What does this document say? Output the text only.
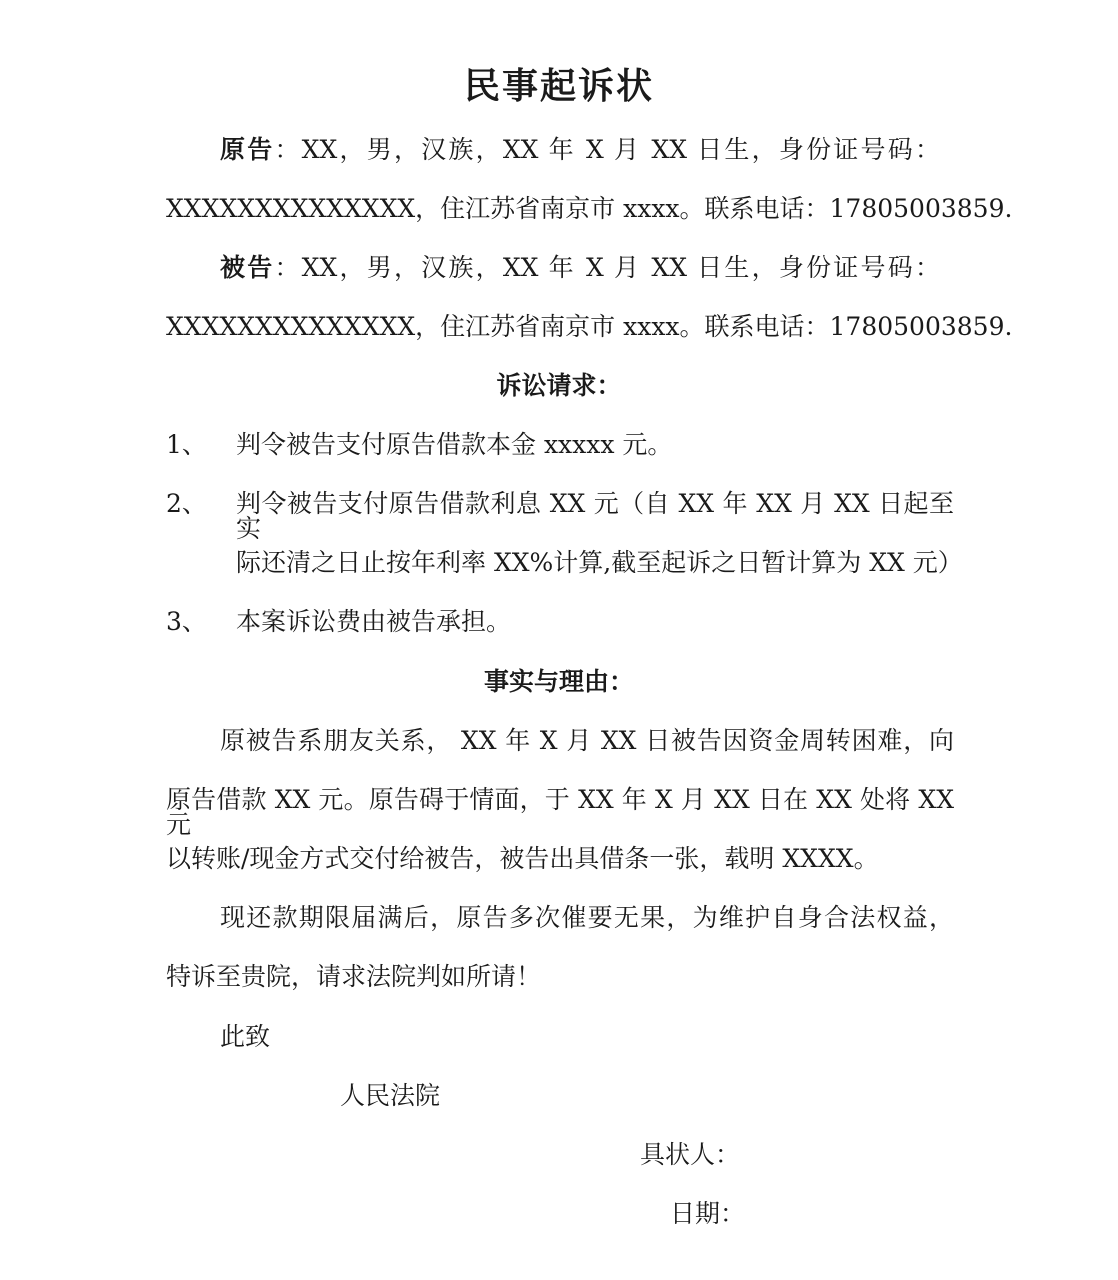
民事起诉状
原告：XX，男，汉族，XX 年 X 月 XX 日生，身份证号码：
XXXXXXXXXXXXXX，住江苏省南京市 xxxx。联系电话：17805003859.
被告：XX，男，汉族，XX 年 X 月 XX 日生，身份证号码：
XXXXXXXXXXXXXX，住江苏省南京市 xxxx。联系电话：17805003859.
诉讼请求：
1、 判令被告支付原告借款本金 xxxxx 元。
2、 判令被告支付原告借款利息 XX 元（自 XX 年 XX 月 XX 日起至实
际还清之日止按年利率 XX%计算,截至起诉之日暂计算为 XX 元）
3、 本案诉讼费由被告承担。
事实与理由：
原被告系朋友关系， XX 年 X 月 XX 日被告因资金周转困难，向
原告借款 XX 元。原告碍于情面，于 XX 年 X 月 XX 日在 XX 处将 XX 元
以转账/现金方式交付给被告，被告出具借条一张，载明 XXXX。
现还款期限届满后，原告多次催要无果，为维护自身合法权益，
特诉至贵院，请求法院判如所请！
此致
人民法院
具状人：
日期：
